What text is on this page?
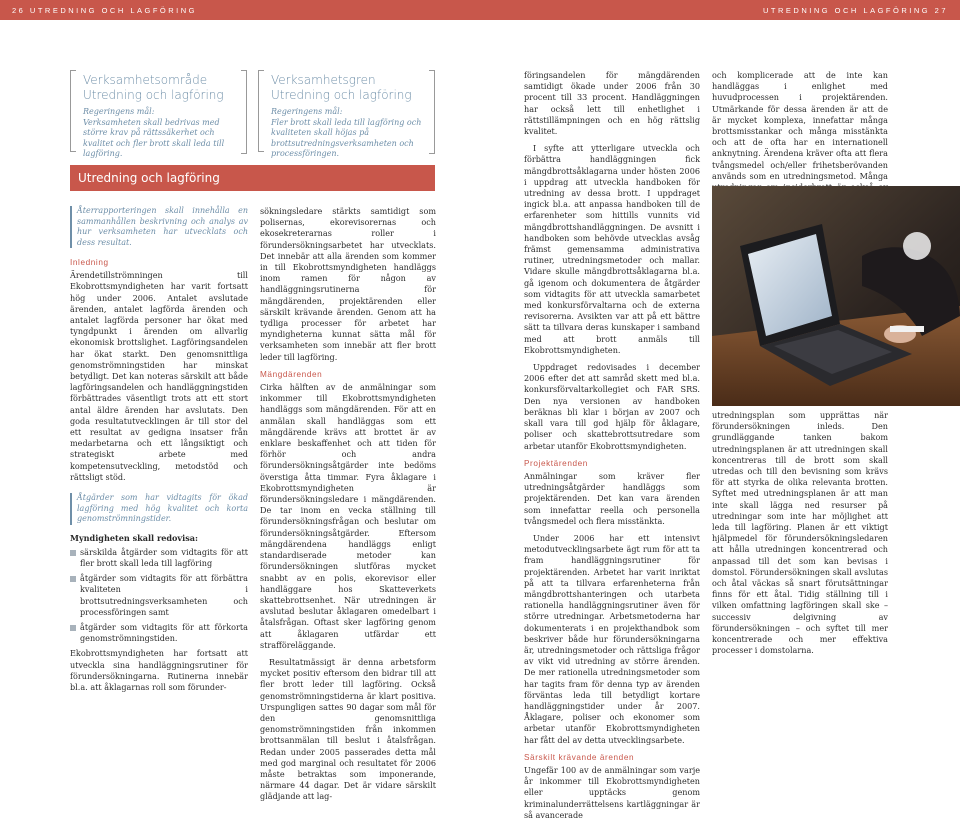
26 UTREDNING OCH LAGFÖRING	UTREDNING OCH LAGFÖRING 27
Verksamhetsområde
Utredning och lagföring
Regeringens mål:
Verksamheten skall bedrivas med större krav på rättssäkerhet och kvalitet och fler brott skall leda till lagföring.
Verksamhetsgren
Utredning och lagföring
Regeringens mål:
Fler brott skall leda till lagföring och kvaliteten skall höjas på brottsutredningsverksamheten och processföringen.
Utredning och lagföring
Återrapporteringen skall innehålla en sammanhållen beskrivning och analys av hur verksamheten har utvecklats och dess resultat.
Inledning

Ärendetillströmningen till Ekobrottsmyndigheten har varit fortsatt hög under 2006. Antalet avslutade ärenden, antalet lagförda ärenden och antalet lagförda personer har ökat med tyngdpunkt i ärenden om allvarlig ekonomisk brottslighet. Lagföringsandelen har ökat starkt. Den genomsnittliga genomströmningstiden har minskat betydligt. Det kan noteras särskilt att både lagföringsandelen och handläggningstiden förbättrades väsentligt trots att ett stort antal äldre ärenden har avslutats. Den goda resultatutvecklingen är till stor del ett resultat av gedigna insatser från medarbetarna och ett långsiktigt och strategiskt arbete med kompetensutveckling, metodstöd och rättsligt stöd.

Åtgärder som har vidtagits för ökad lagföring med hög kvalitet och korta genomströmningstider.

Myndigheten skall redovisa:

särskilda åtgärder som vidtagits för att fler brott skall leda till lagföring
åtgärder som vidtagits för att förbättra kvaliteten i brottsutredningsverksamheten och processföringen samt
åtgärder som vidtagits för att förkorta genomströmningstiden.

Ekobrottsmyndigheten har fortsatt att utveckla sina handläggningsrutiner för förundersökningarna. Rutinerna innebär bl.a. att åklagarnas roll som förunder-

sökningsledare stärkts samtidigt som polisernas, ekorevisorernas och ekosekreterarnas roller i förundersökningsarbetet har utvecklats. Det innebär att alla ärenden som kommer in till Ekobrottsmyndigheten handläggs inom ramen för någon av handläggningsrutinerna för mängdärenden, projektärenden eller särskilt krävande ärenden. Genom att ha tydliga processer för arbetet har myndigheterna kunnat sätta mål för verksamheten som innebär att fler brott leder till lagföring.

Mängdärenden

Cirka hälften av de anmälningar som inkommer till Ekobrottsmyndigheten handläggs som mängdärenden. För att en anmälan skall handläggas som ett mängdärende krävs att brottet är av enklare beskaffenhet och att tiden för förhör och andra förundersökningsåtgärder inte bedöms överstiga åtta timmar. Fyra åklagare i Ekobrottsmyndigheten är förundersökningsledare i mängdärenden. De tar inom en vecka ställning till förundersökningsfrågan och beslutar om förundersökningsåtgärder. Eftersom mängdärendena handläggs enligt standardiserade metoder kan förundersökningen slutföras mycket snabbt av en polis, ekorevisor eller handläggare hos Skatteverkets skattebrottsenhet. När utredningen är avslutad beslutar åklagaren omedelbart i åtalsfrågan. Oftast sker lagföring genom att åklagaren utfärdar ett strafföreläggande.

Resultatmässigt är denna arbetsform mycket positiv eftersom den bidrar till att fler brott leder till lagföring. Också genomströmningstiderna är klart positiva. Urspungligen sattes 90 dagar som mål för den genomsnittliga genomströmningstiden från inkommen brottsanmälan till beslut i åtalsfrågan. Redan under 2005 passerades detta mål med god marginal och resultatet för 2006 måste betraktas som imponerande, närmare 44 dagar. Det är vidare särskilt glädjande att lag-

föringsandelen för mängdärenden samtidigt ökade under 2006 från 30 procent till 33 procent. Handläggningen har också lett till enhetlighet i rättstillämpningen och en hög rättslig kvalitet.

I syfte att ytterligare utveckla och förbättra handläggningen fick mängdbrottsåklagarna under hösten 2006 i uppdrag att utveckla handboken för utredning av dessa brott. I uppdraget ingick bl.a. att anpassa handboken till de erfarenheter som hittills vunnits vid mängdbrottshandläggningen. De avsnitt i handboken som behövde utvecklas avsåg främst gemensamma administrativa rutiner, utredningsmetoder och mallar. Vidare skulle mängdbrottsåklagarna bl.a. gå igenom och dokumentera de åtgärder som vidtagits för att utveckla samarbetet med konkursförvaltarna och de externa revisorerna. Avsikten var att på ett bättre sätt ta tillvara deras kunskaper i samband med att brott anmäls till Ekobrottsmyndigheten.

Uppdraget redovisades i december 2006 efter det att samråd skett med bl.a. konkursförvaltarkollegiet och FAR SRS. Den nya versionen av handboken beräknas bli klar i början av 2007 och skall vara till god hjälp för åklagare, poliser och skattebrottsutredare som arbetar utanför Ekobrottsmyndigheten.

Projektärenden

Anmälningar som kräver fler utredningsåtgärder handläggs som projektärenden. Det kan vara ärenden som innefattar reella och personella tvångsmedel och flera misstänkta.

Under 2006 har ett intensivt metodutvecklingsarbete ägt rum för att ta fram handläggningsrutiner för projektärenden. Arbetet har varit inriktat på att ta tillvara erfarenheterna från mängdbrottshanteringen och utarbeta rationella handläggningsrutiner även för större utredningar. Arbetsmetoderna har dokumenterats i en projekthandbok som beskriver både hur förundersökningarna är, utredningsmetoder och rättsliga frågor av vikt vid utredning av större ärenden. De mer rationella utredningsmetoder som har tagits fram för denna typ av ärenden förväntas leda till betydligt kortare handläggningstider under år 2007. Åklagare, poliser och ekonomer som arbetar utanför Ekobrottsmyndigheten har fått del av detta utvecklingsarbete.

Särskilt krävande ärenden

Ungefär 100 av de anmälningar som varje år inkommer till Ekobrottsmyndigheten eller upptäcks genom kriminalunderrättelsens kartläggningar är så avancerade

och komplicerade att de inte kan handläggas i enlighet med huvudprocessen i projektärenden. Utmärkande för dessa ärenden är att de är mycket komplexa, innefattar många brottsmisstankar och många misstänkta och att de ofta har en internationell anknytning. Ärendena kräver ofta att flera tvångsmedel och/eller frihetsberövanden används som en utredningsmetod. Många

utredningsplan som upprättas när förundersökningen inleds. Den grundläggande tanken bakom utredningsplanen är att utredningen skall koncentreras till de brott som skall utredas och till den bevisning som krävs för att styrka de olika relevanta brotten. Syftet med utredningsplanen är att man inte skall lägga ned resurser på utredningar som inte har möjlighet att leda till lagföring. Planen är ett viktigt hjälpmedel för förundersökningsledaren att hålla utredningen koncentrerad och anpassad till det som kan bevisas i domstol. Förundersökningen skall avslutas och åtal väckas så snart förutsättningar finns för ett åtal. Tidig ställning till i vilken omfattning lagföringen skall ske – successiv delgivning av förundersökningen – och syftet till mer koncentrerade och mer effektiva processer i domstolarna.
